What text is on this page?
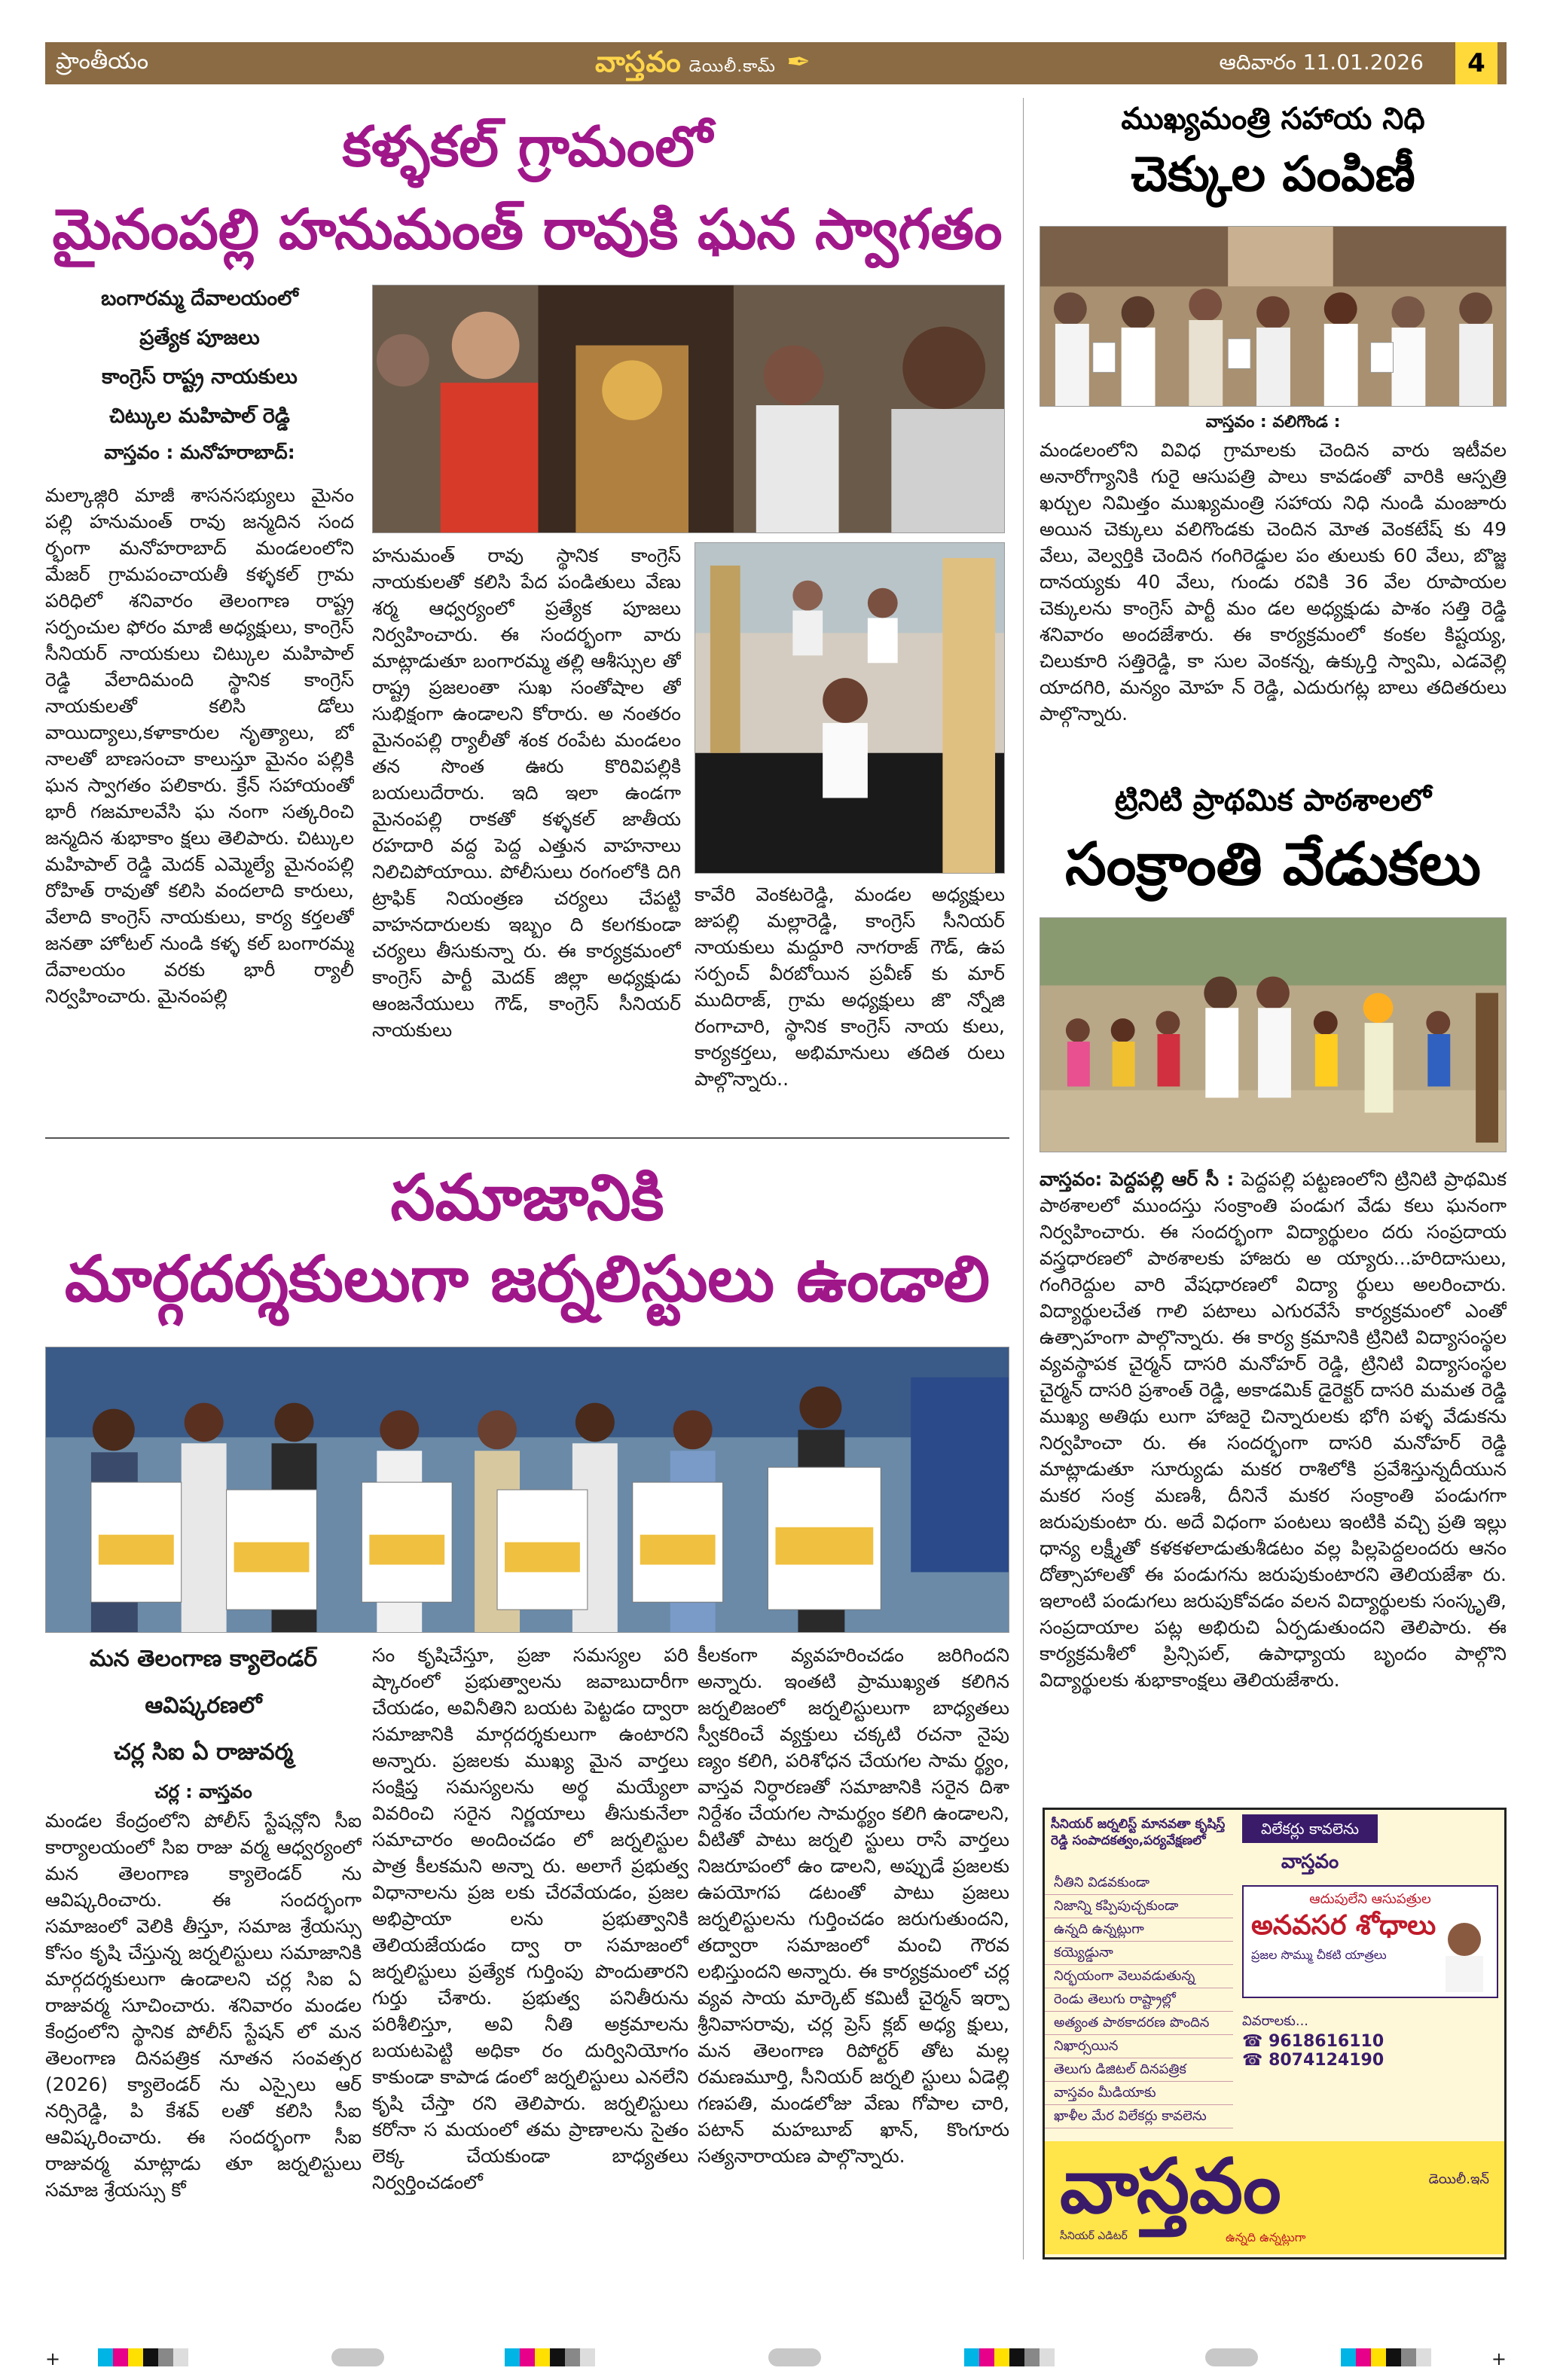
ప్రాంతీయం	వాస్తవం డెయిలీ.కామ్ ✒	ఆదివారం 11.01.2026	4
కళ్ళకల్ గ్రామంలో
మైనంపల్లి హనుమంత్ రావుకి ఘన స్వాగతం
బంగారమ్మ దేవాలయంలో
ప్రత్యేక పూజలు
కాంగ్రెస్ రాష్ట్ర నాయకులు
చిట్కుల మహిపాల్ రెడ్డి
వాస్తవం : మనోహరాబాద్:
మల్కాజ్గిరి మాజీ శాసనసభ్యులు మైనం పల్లి హనుమంత్ రావు జన్మదిన సంద ర్భంగా మనోహరాబాద్ మండలంలోని మేజర్ గ్రామపంచాయతీ కళ్ళకల్ గ్రామ పరిధిలో శనివారం తెలంగాణ రాష్ట్ర సర్పంచుల ఫోరం మాజీ అధ్యక్షులు, కాంగ్రెస్ సీనియర్ నాయకులు చిట్కుల మహిపాల్ రెడ్డి వేలాదిమంది స్థానిక కాంగ్రెస్ నాయకులతో కలిసి డోలు వాయిద్యాలు,కళాకారుల నృత్యాలు, బో నాలతో బాణసంచా కాలుస్తూ మైనం పల్లికి ఘన స్వాగతం పలికారు. క్రేన్ సహాయంతో భారీ గజమాలవేసి ఘ నంగా సత్కరించి జన్మదిన శుభాకాం క్షలు తెలిపారు. చిట్కుల మహిపాల్ రెడ్డి మెదక్ ఎమ్మెల్యే మైనంపల్లి రోహిత్ రావుతో కలిసి వందలాది కారులు, వేలాది కాంగ్రెస్ నాయకులు, కార్య కర్తలతో జనతా హోటల్ నుండి కళ్ళ కల్ బంగారమ్మ దేవాలయం వరకు భారీ ర్యాలీ నిర్వహించారు. మైనంపల్లి
హనుమంత్ రావు స్థానిక కాంగ్రెస్ నాయకులతో కలిసి పేద పండితులు వేణు శర్మ ఆధ్వర్యంలో ప్రత్యేక పూజలు నిర్వహించారు. ఈ సందర్భంగా వారు మాట్లాడుతూ బంగారమ్మ తల్లి ఆశీస్సుల తో రాష్ట్ర ప్రజలంతా సుఖ సంతోషాల తో సుభిక్షంగా ఉండాలని కోరారు. అ నంతరం మైనంపల్లి ర్యాలీతో శంక రంపేట మండలం తన సొంత ఊరు కొరివిపల్లికి బయలుదేరారు. ఇది ఇలా ఉండగా మైనంపల్లి రాకతో కళ్ళకల్ జాతీయ రహదారి వద్ద పెద్ద ఎత్తున వాహనాలు నిలిచిపోయాయి. పోలీసులు రంగంలోకి దిగి ట్రాఫిక్ నియంత్రణ చర్యలు చేపట్టి వాహనదారులకు ఇబ్బం ది కలగకుండా చర్యలు తీసుకున్నా రు. ఈ కార్యక్రమంలో కాంగ్రెస్ పార్టీ మెదక్ జిల్లా అధ్యక్షుడు ఆంజనేయులు గౌడ్, కాంగ్రెస్ సీనియర్ నాయకులు
కావేరి వెంకటరెడ్డి, మండల అధ్యక్షులు జుపల్లి మల్లారెడ్డి, కాంగ్రెస్ సీనియర్ నాయకులు మద్దూరి నాగరాజ్ గౌడ్, ఉప సర్పంచ్ వీరబోయిన ప్రవీణ్ కు మార్ ముదిరాజ్, గ్రామ అధ్యక్షులు జొ న్నోజి రంగాచారి, స్థానిక కాంగ్రెస్ నాయ కులు, కార్యకర్తలు, అభిమానులు తదిత రులు పాల్గొన్నారు..
ముఖ్యమంత్రి సహాయ నిధి
చెక్కుల పంపిణీ
వాస్తవం : వలిగొండ :
మండలంలోని వివిధ గ్రామాలకు చెందిన వారు ఇటీవల అనారోగ్యానికి గురై ఆసుపత్రి పాలు కావడంతో వారికి ఆస్పత్రి ఖర్చుల నిమిత్తం ముఖ్యమంత్రి సహాయ నిధి నుండి మంజూరు అయిన చెక్కులు వలిగొండకు చెందిన మోత వెంకటేష్ కు 49 వేలు, వెల్వర్తికి చెందిన గంగిరెడ్డుల పం తులుకు 60 వేలు, బొజ్జ దానయ్యకు 40 వేలు, గుండు రవికి 36 వేల రూపాయల చెక్కులను కాంగ్రెస్ పార్టీ మం డల అధ్యక్షుడు పాశం సత్తి రెడ్డి శనివారం అందజేశారు. ఈ కార్యక్రమంలో కంకల కిష్టయ్య, చిలుకూరి సత్తిరెడ్డి, కా సుల వెంకన్న, ఉక్కుర్తి స్వామి, ఎడవెల్లి యాదగిరి, మన్యం మోహ న్ రెడ్డి, ఎదురుగట్ల బాలు తదితరులు పాల్గొన్నారు.
ట్రినిటి ప్రాథమిక పాఠశాలలో
సంక్రాంతి వేడుకలు
వాస్తవం: పెద్దపల్లి ఆర్ సీ : పెద్దపల్లి పట్టణంలోని ట్రినిటి ప్రాథమిక పాఠశాలలో ముందస్తు సంక్రాంతి పండుగ వేడు కలు ఘనంగా నిర్వహించారు. ఈ సందర్భంగా విద్యార్థులం దరు సంప్రదాయ వస్త్రధారణలో పాఠశాలకు హాజరు అ య్యారు...హరిదాసులు, గంగిరెద్దుల వారి వేషధారణలో విద్యా ర్థులు అలరించారు. విద్యార్థులచేత గాలి పటాలు ఎగురవేసే కార్యక్రమంలో ఎంతో ఉత్సాహంగా పాల్గొన్నారు. ఈ కార్య క్రమానికి ట్రినిటి విద్యాసంస్థల వ్యవస్థాపక చైర్మన్ దాసరి మనోహర్ రెడ్డి, ట్రినిటి విద్యాసంస్థల చైర్మన్ దాసరి ప్రశాంత్ రెడ్డి, అకాడమిక్ డైరెక్టర్ దాసరి మమత రెడ్డి ముఖ్య అతిథు లుగా హాజరై చిన్నారులకు భోగి పళ్ళ వేడుకను నిర్వహించా రు. ఈ సందర్భంగా దాసరి మనోహర్ రెడ్డి మాట్లాడుతూ సూర్యుడు మకర రాశిలోకి ప్రవేశిస్తున్నదీయున మకర సంక్ర మణశీ, దీనినే మకర సంక్రాంతి పండుగగా జరుపుకుంటా రు. అదే విధంగా పంటలు ఇంటికి వచ్చి ప్రతి ఇల్లు ధాన్య లక్ష్మీతో కళకళలాడుతుశీడటం వల్ల పిల్లపెద్దలందరు ఆనం దోత్సాహాలతో ఈ పండుగను జరుపుకుంటారని తెలియజేశా రు. ఇలాంటి పండుగలు జరుపుకోవడం వలన విద్యార్థులకు సంస్కృతి, సంప్రదాయాల పట్ల అభిరుచి ఏర్పడుతుందని తెలిపారు. ఈ కార్యక్రమశీలో ప్రిన్సిపల్, ఉపాధ్యాయ బృందం పాల్గొని విద్యార్థులకు శుభాకాంక్షలు తెలియజేశారు.
సమాజానికి
మార్గదర్శకులుగా జర్నలిస్టులు ఉండాలి
మన తెలంగాణ క్యాలెండర్
ఆవిష్కరణలో
చర్ల సిఐ ఏ రాజువర్మ
చర్ల : వాస్తవం
మండల కేంద్రంలోని పోలీస్ స్టేషన్లోని సీఐ కార్యాలయంలో సిఐ రాజు వర్మ ఆధ్వర్యంలో మన తెలంగాణ క్యాలెండర్ ను ఆవిష్కరించారు. ఈ సందర్భంగా సమాజంలో వెలికి తీస్తూ, సమాజ శ్రేయస్సు కోసం కృషి చేస్తున్న జర్నలిస్టులు సమాజానికి మార్గదర్శకులుగా ఉండాలని చర్ల సిఐ ఏ రాజువర్మ సూచించారు. శనివారం మండల కేంద్రంలోని స్థానిక పోలీస్ స్టేషన్ లో మన తెలంగాణ దినపత్రిక నూతన సంవత్సర (2026) క్యాలెండర్ ను ఎస్సైలు ఆర్ నర్సిరెడ్డి, పి కేశవ్ లతో కలిసి సీఐ ఆవిష్కరించారు. ఈ సందర్భంగా సీఐ రాజువర్మ మాట్లాడు తూ జర్నలిస్టులు సమాజ శ్రేయస్సు కో
సం కృషిచేస్తూ, ప్రజా సమస్యల పరి ష్కారంలో ప్రభుత్వాలను జవాబుదారీగా చేయడం, అవినీతిని బయట పెట్టడం ద్వారా సమాజానికి మార్గదర్శకులుగా ఉంటారని అన్నారు. ప్రజలకు ముఖ్య మైన వార్తలు సంక్షిప్త సమస్యలను అర్థ మయ్యేలా వివరించి సరైన నిర్ణయాలు తీసుకునేలా సమాచారం అందించడం లో జర్నలిస్టుల పాత్ర కీలకమని అన్నా రు. అలాగే ప్రభుత్వ విధానాలను ప్రజ లకు చేరవేయడం, ప్రజల అభిప్రాయా లను ప్రభుత్వానికి తెలియజేయడం ద్వా రా సమాజంలో జర్నలిస్టులు ప్రత్యేక గుర్తింపు పొందుతారని గుర్తు చేశారు. ప్రభుత్వ పనితీరును పరిశీలిస్తూ, అవి నీతి అక్రమాలను బయటపెట్టి అధికా రం దుర్వినియోగం కాకుండా కాపాడ డంలో జర్నలిస్టులు ఎనలేని కృషి చేస్తా రని తెలిపారు. జర్నలిస్టులు కరోనా స మయంలో తమ ప్రాణాలను సైతం లెక్క చేయకుండా బాధ్యతలు నిర్వర్తించడంలో
కీలకంగా వ్యవహరించడం జరిగిందని అన్నారు. ఇంతటి ప్రాముఖ్యత కలిగిన జర్నలిజంలో జర్నలిస్టులుగా బాధ్యతలు స్వీకరించే వ్యక్తులు చక్కటి రచనా నైపు ణ్యం కలిగి, పరిశోధన చేయగల సామ ర్థ్యం, వాస్తవ నిర్ధారణతో సమాజానికి సరైన దిశా నిర్దేశం చేయగల సామర్థ్యం కలిగి ఉండాలని, వీటితో పాటు జర్నలి స్టులు రాసే వార్తలు నిజరూపంలో ఉం డాలని, అప్పుడే ప్రజలకు ఉపయోగప డటంతో పాటు ప్రజలు జర్నలిస్టులను గుర్తించడం జరుగుతుందని, తద్వారా సమాజంలో మంచి గౌరవ లభిస్తుందని అన్నారు. ఈ కార్యక్రమంలో చర్ల వ్యవ సాయ మార్కెట్ కమిటీ చైర్మన్ ఇర్పా శ్రీనివాసరావు, చర్ల ప్రెస్ క్లబ్ అధ్య క్షులు, మన తెలంగాణ రిపోర్టర్ తోట మల్ల రమణమూర్తి, సీనియర్ జర్నలి స్టులు ఏడెల్లి గణపతి, మండలోజు వేణు గోపాల చారి, పటాన్ మహబూబ్ ఖాన్, కొంగూరు సత్యనారాయణ పాల్గొన్నారు.
సీనియర్ జర్నలిస్ట్ మానవతా కృషిస్త్ రెడ్డి సంపాదకత్వం,పర్యవేక్షణలో
విలేకర్లు కావలెను
వాస్తవం
నీతిని విడవకుండా
నిజాన్ని కప్పిపుచ్చకుండా
ఉన్నది ఉన్నట్లుగా
కయ్యెడ్డునా
నిర్భయంగా వెలువడుతున్న
రెండు తెలుగు రాష్ట్రాల్లో
అత్యంత పాఠకాదరణ పొందిన
నిఖార్సయిన
తెలుగు డిజిటల్ దినపత్రిక
వాస్తవం మీడియాకు
ఖాళీల మేర విలేకర్లు కావలెను
ఆదుపులేని ఆసుపత్రుల
అనవసర శోధాలు
ప్రజల సొమ్ము చీకటి యాత్రలు
వివరాలకు...
☎ 9618616110
☎ 8074124190
వాస్తవం	డెయిలీ.ఇన్
ఉన్నది ఉన్నట్లుగా
సీనియర్ ఎడిటర్
+	+
